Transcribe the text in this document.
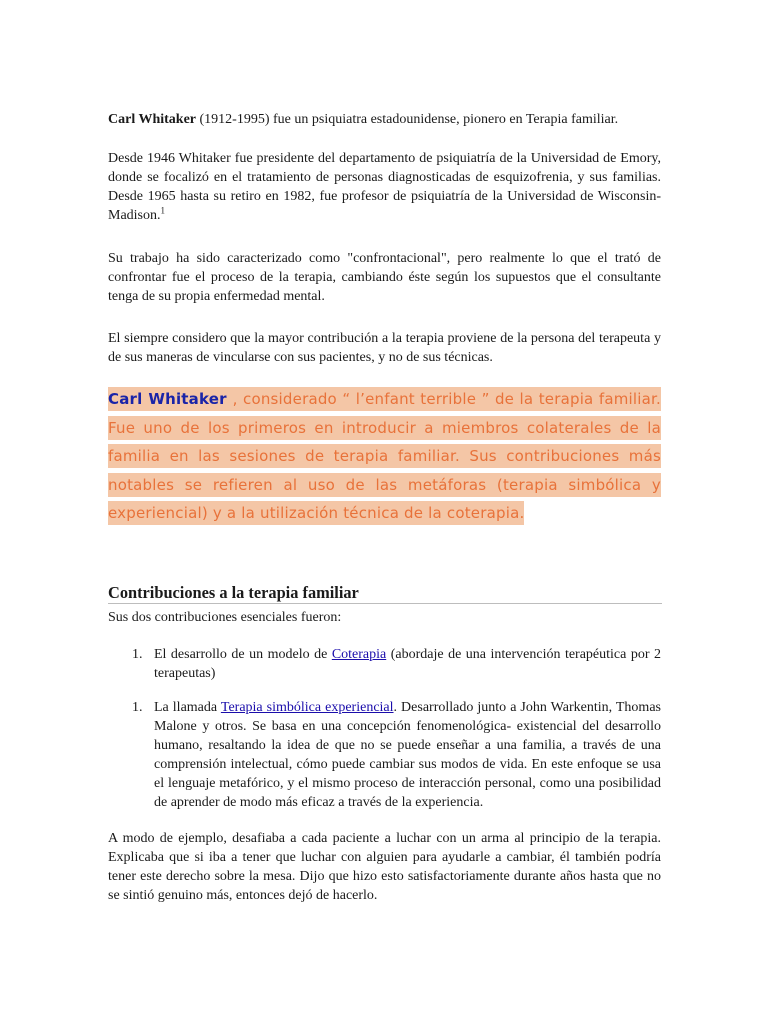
Carl Whitaker (1912-1995) fue un psiquiatra estadounidense, pionero en Terapia familiar.

Desde 1946 Whitaker fue presidente del departamento de psiquiatría de la Universidad de Emory, donde se focalizó en el tratamiento de personas diagnosticadas de esquizofrenia, y sus familias. Desde 1965 hasta su retiro en 1982, fue profesor de psiquiatría de la Universidad de Wisconsin-Madison.$^1$

Su trabajo ha sido caracterizado como "confrontacional", pero realmente lo que el trató de confrontar fue el proceso de la terapia, cambiando éste según los supuestos que el consultante tenga de su propia enfermedad mental.

El siempre considero que la mayor contribución a la terapia proviene de la persona del terapeuta y de sus maneras de vincularse con sus pacientes, y no de sus técnicas.

Carl Whitaker , considerado “ l’enfant terrible ” de la terapia familiar. Fue uno de los primeros en introducir a miembros colaterales de la familia en las sesiones de terapia familiar. Sus contribuciones más notables se refieren al uso de las metáforas (terapia simbólica y experiencial) y a la utilización técnica de la coterapia.

Contribuciones a la terapia familiar

Sus dos contribuciones esenciales fueron:

1. El desarrollo de un modelo de Coterapia (abordaje de una intervención terapéutica por 2 terapeutas)
1. La llamada Terapia simbólica experiencial. Desarrollado junto a John Warkentin, Thomas Malone y otros. Se basa en una concepción fenomenológica- existencial del desarrollo humano, resaltando la idea de que no se puede enseñar a una familia, a través de una comprensión intelectual, cómo puede cambiar sus modos de vida. En este enfoque se usa el lenguaje metafórico, y el mismo proceso de interacción personal, como una posibilidad de aprender de modo más eficaz a través de la experiencia.

A modo de ejemplo, desafiaba a cada paciente a luchar con un arma al principio de la terapia. Explicaba que si iba a tener que luchar con alguien para ayudarle a cambiar, él también podría tener este derecho sobre la mesa. Dijo que hizo esto satisfactoriamente durante años hasta que no se sintió genuino más, entonces dejó de hacerlo.
